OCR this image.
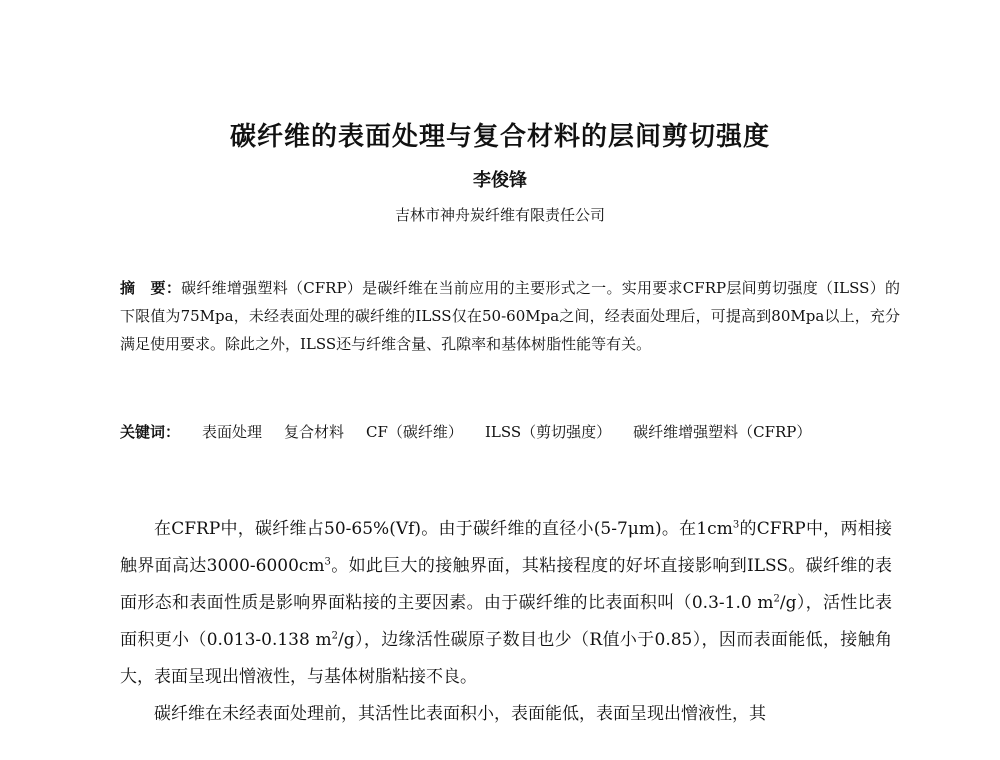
碳纤维的表面处理与复合材料的层间剪切强度
李俊锋
吉林市神舟炭纤维有限责任公司
摘　要：碳纤维增强塑料（CFRP）是碳纤维在当前应用的主要形式之一。实用要求CFRP层间剪切强度（ILSS）的下限值为75Mpa，未经表面处理的碳纤维的ILSS仅在50-60Mpa之间，经表面处理后，可提高到80Mpa以上，充分满足使用要求。除此之外，ILSS还与纤维含量、孔隙率和基体树脂性能等有关。
关键词： 表面处理 复合材料 CF（碳纤维） ILSS（剪切强度） 碳纤维增强塑料（CFRP）

在CFRP中，碳纤维占50-65%(Vf)。由于碳纤维的直径小(5-7μm)。在$1cm^3$的CFRP中，两相接触界面高达$3000-6000cm^3$。如此巨大的接触界面，其粘接程度的好坏直接影响到ILSS。碳纤维的表面形态和表面性质是影响界面粘接的主要因素。由于碳纤维的比表面积叫（0.3-1.0 $m^2/g$），活性比表面积更小（0.013-0.138 $m^2/g$），边缘活性碳原子数目也少（R值小于0.85），因而表面能低，接触角大，表面呈现出憎液性，与基体树脂粘接不良。

碳纤维在未经表面处理前，其活性比表面积小，表面能低，表面呈现出憎液性，其
